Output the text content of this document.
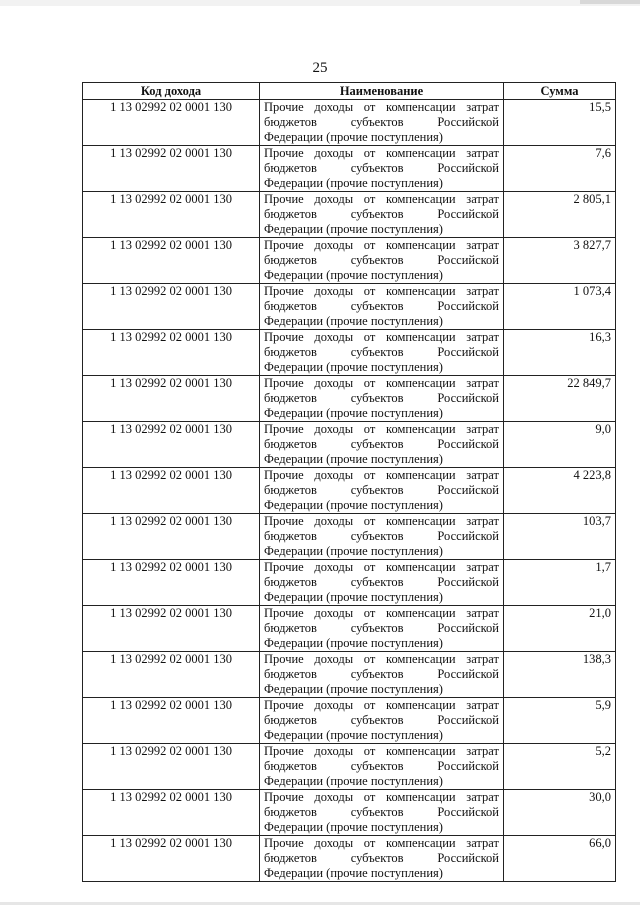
25
Код дохода	Наименование	Сумма
1 13 02992 02 0001 130	Прочие доходы от компенсации затрат бюджетов субъектов Российской Федерации (прочие поступления)	15,5
1 13 02992 02 0001 130	Прочие доходы от компенсации затрат бюджетов субъектов Российской Федерации (прочие поступления)	7,6
1 13 02992 02 0001 130	Прочие доходы от компенсации затрат бюджетов субъектов Российской Федерации (прочие поступления)	2 805,1
1 13 02992 02 0001 130	Прочие доходы от компенсации затрат бюджетов субъектов Российской Федерации (прочие поступления)	3 827,7
1 13 02992 02 0001 130	Прочие доходы от компенсации затрат бюджетов субъектов Российской Федерации (прочие поступления)	1 073,4
1 13 02992 02 0001 130	Прочие доходы от компенсации затрат бюджетов субъектов Российской Федерации (прочие поступления)	16,3
1 13 02992 02 0001 130	Прочие доходы от компенсации затрат бюджетов субъектов Российской Федерации (прочие поступления)	22 849,7
1 13 02992 02 0001 130	Прочие доходы от компенсации затрат бюджетов субъектов Российской Федерации (прочие поступления)	9,0
1 13 02992 02 0001 130	Прочие доходы от компенсации затрат бюджетов субъектов Российской Федерации (прочие поступления)	4 223,8
1 13 02992 02 0001 130	Прочие доходы от компенсации затрат бюджетов субъектов Российской Федерации (прочие поступления)	103,7
1 13 02992 02 0001 130	Прочие доходы от компенсации затрат бюджетов субъектов Российской Федерации (прочие поступления)	1,7
1 13 02992 02 0001 130	Прочие доходы от компенсации затрат бюджетов субъектов Российской Федерации (прочие поступления)	21,0
1 13 02992 02 0001 130	Прочие доходы от компенсации затрат бюджетов субъектов Российской Федерации (прочие поступления)	138,3
1 13 02992 02 0001 130	Прочие доходы от компенсации затрат бюджетов субъектов Российской Федерации (прочие поступления)	5,9
1 13 02992 02 0001 130	Прочие доходы от компенсации затрат бюджетов субъектов Российской Федерации (прочие поступления)	5,2
1 13 02992 02 0001 130	Прочие доходы от компенсации затрат бюджетов субъектов Российской Федерации (прочие поступления)	30,0
1 13 02992 02 0001 130	Прочие доходы от компенсации затрат бюджетов субъектов Российской Федерации (прочие поступления)	66,0
